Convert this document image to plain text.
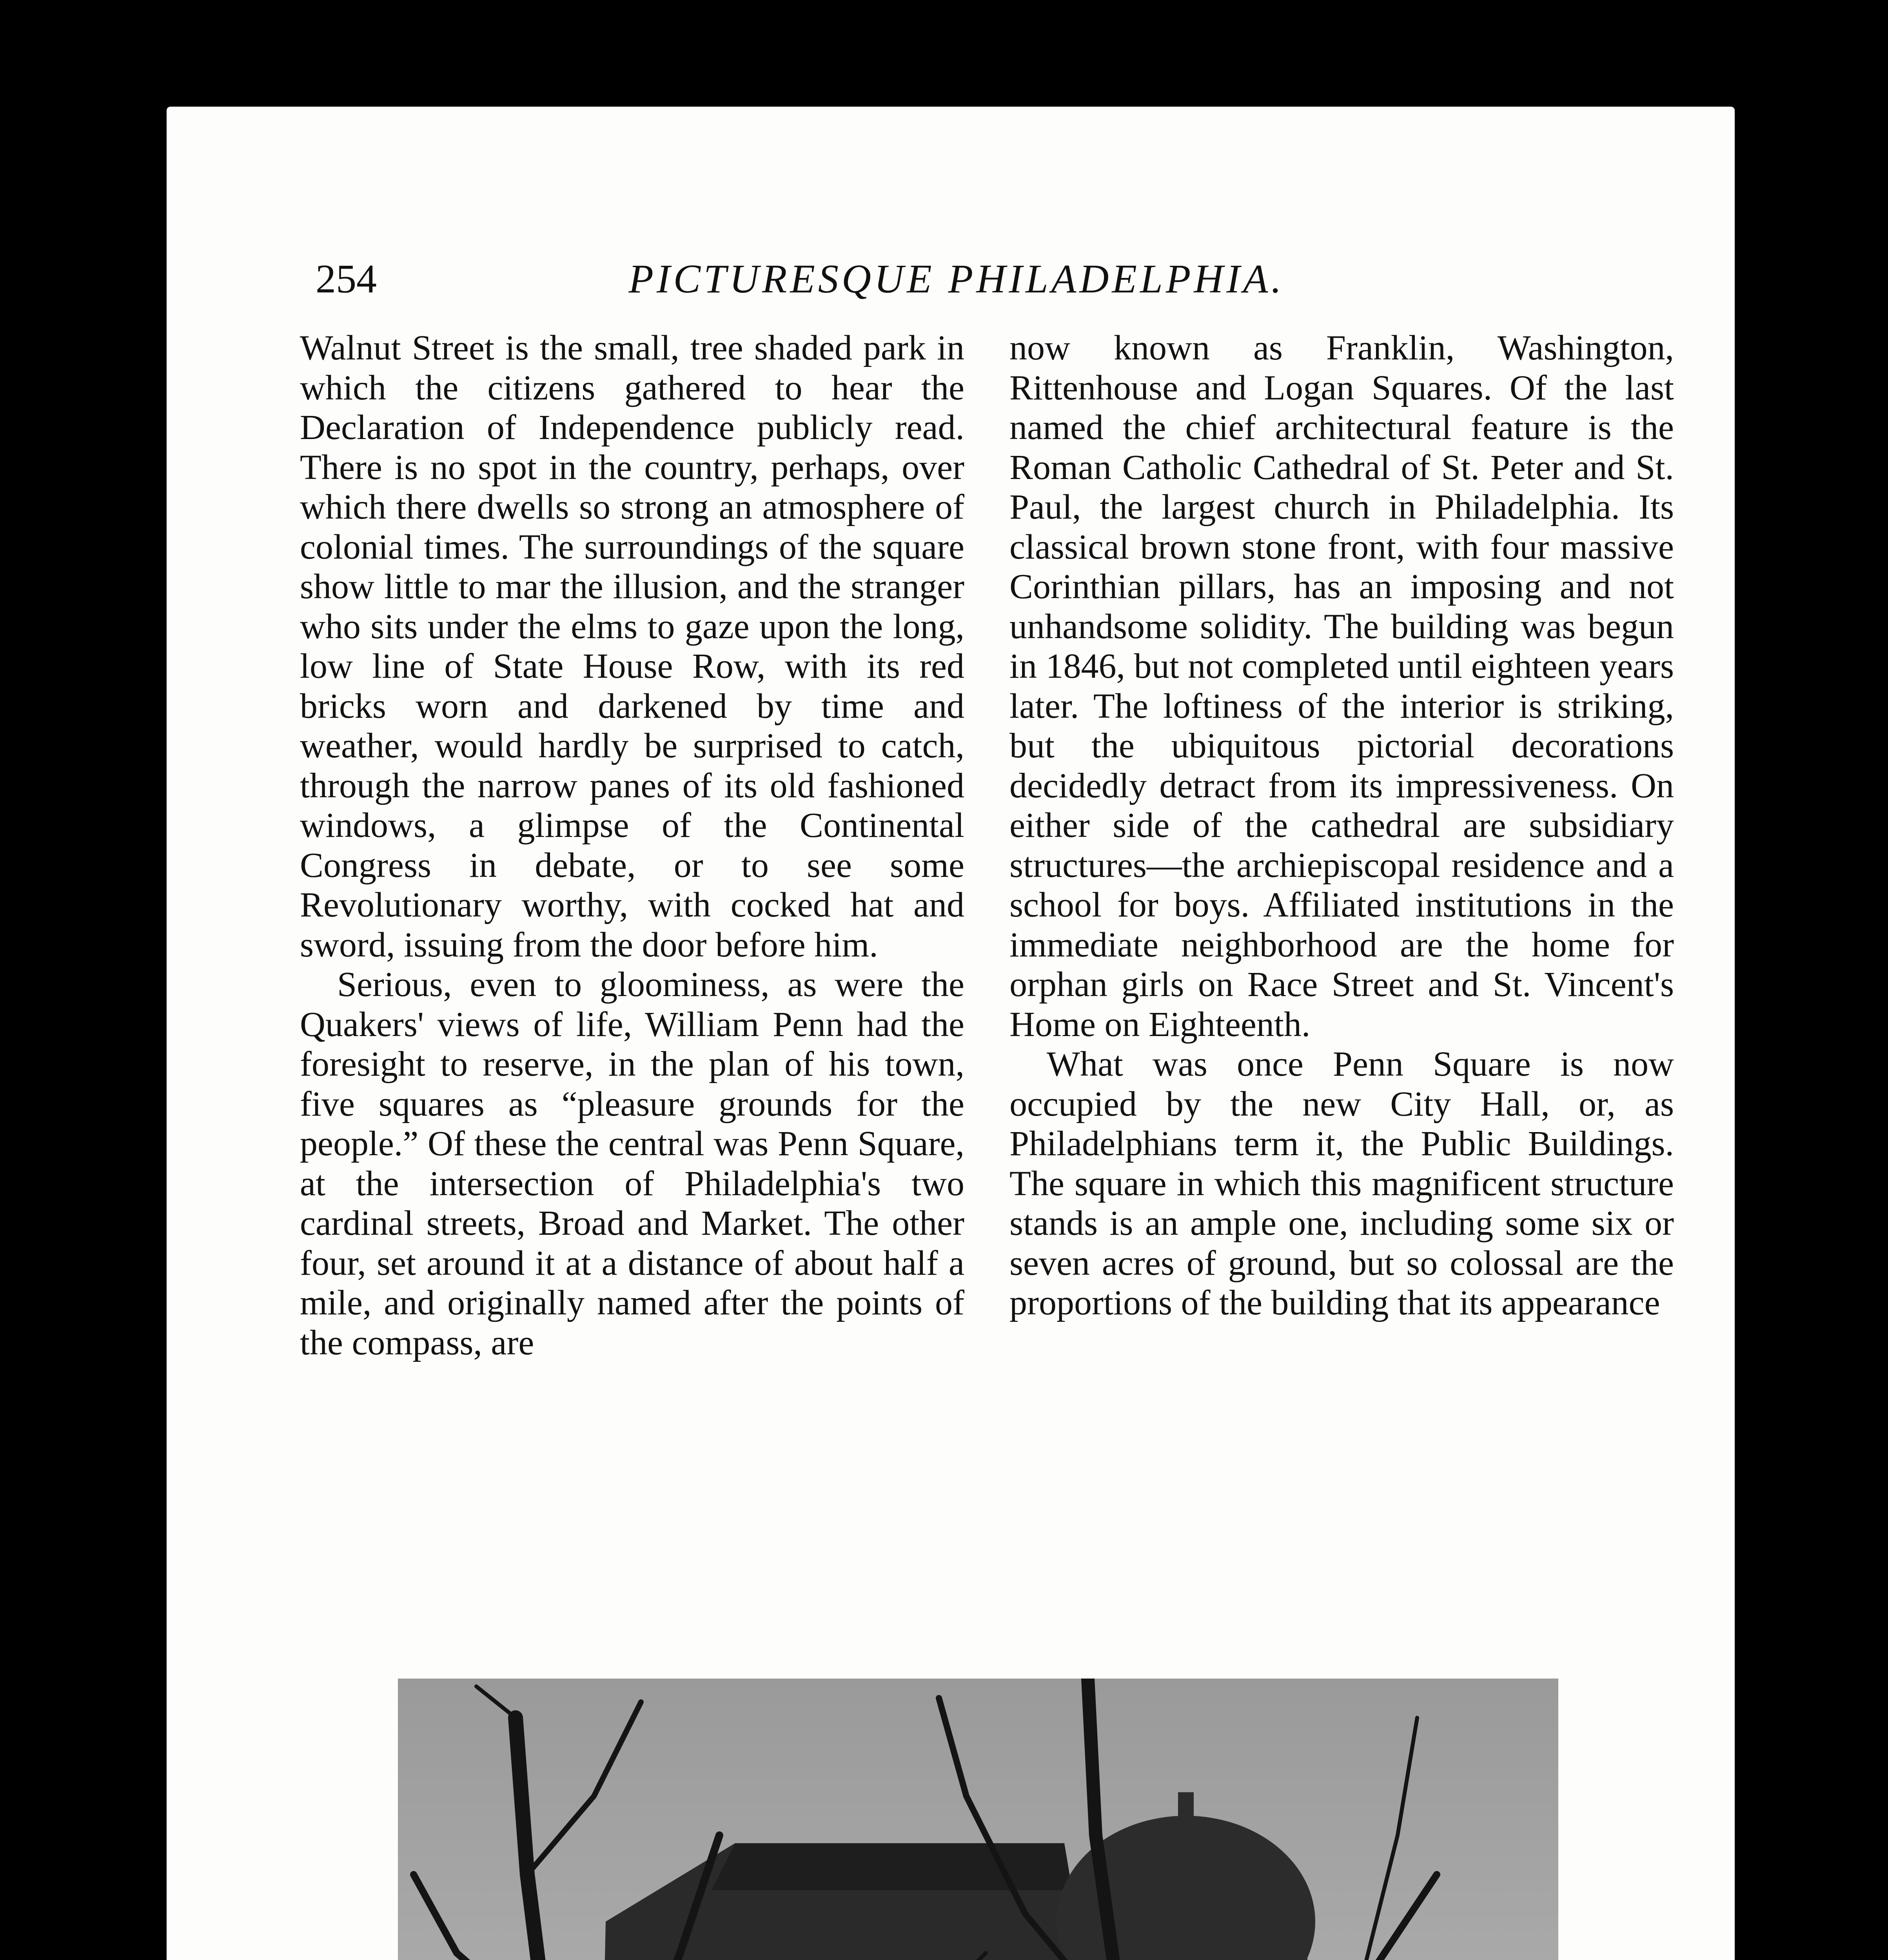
254	PICTURESQUE PHILADELPHIA.

Walnut Street is the small, tree shaded park in which the citizens gathered to hear the Declaration of Independence publicly read. There is no spot in the country, perhaps, over which there dwells so strong an atmosphere of colonial times. The surroundings of the square show little to mar the illusion, and the stranger who sits under the elms to gaze upon the long, low line of State House Row, with its red bricks worn and darkened by time and weather, would hardly be surprised to catch, through the narrow panes of its old fashioned windows, a glimpse of the Continental Congress in debate, or to see some Revolutionary worthy, with cocked hat and sword, issuing from the door before him.

Serious, even to gloominess, as were the Quakers' views of life, William Penn had the foresight to reserve, in the plan of his town, five squares as “pleasure grounds for the people.” Of these the central was Penn Square, at the intersection of Philadelphia's two cardinal streets, Broad and Market. The other four, set around it at a distance of about half a mile, and originally named after the points of the compass, are

now known as Franklin, Washington, Rittenhouse and Logan Squares. Of the last named the chief architectural feature is the Roman Catholic Cathedral of St. Peter and St. Paul, the largest church in Philadelphia. Its classical brown stone front, with four massive Corinthian pillars, has an imposing and not unhandsome solidity. The building was begun in 1846, but not completed until eighteen years later. The loftiness of the interior is striking, but the ubiquitous pictorial decorations decidedly detract from its impressiveness. On either side of the cathedral are subsidiary structures—the archiepiscopal residence and a school for boys. Affiliated institutions in the immediate neighborhood are the home for orphan girls on Race Street and St. Vincent's Home on Eighteenth.

What was once Penn Square is now occupied by the new City Hall, or, as Philadelphians term it, the Public Buildings. The square in which this magnificent structure stands is an ample one, including some six or seven acres of ground, but so colossal are the proportions of the building that its appearance
